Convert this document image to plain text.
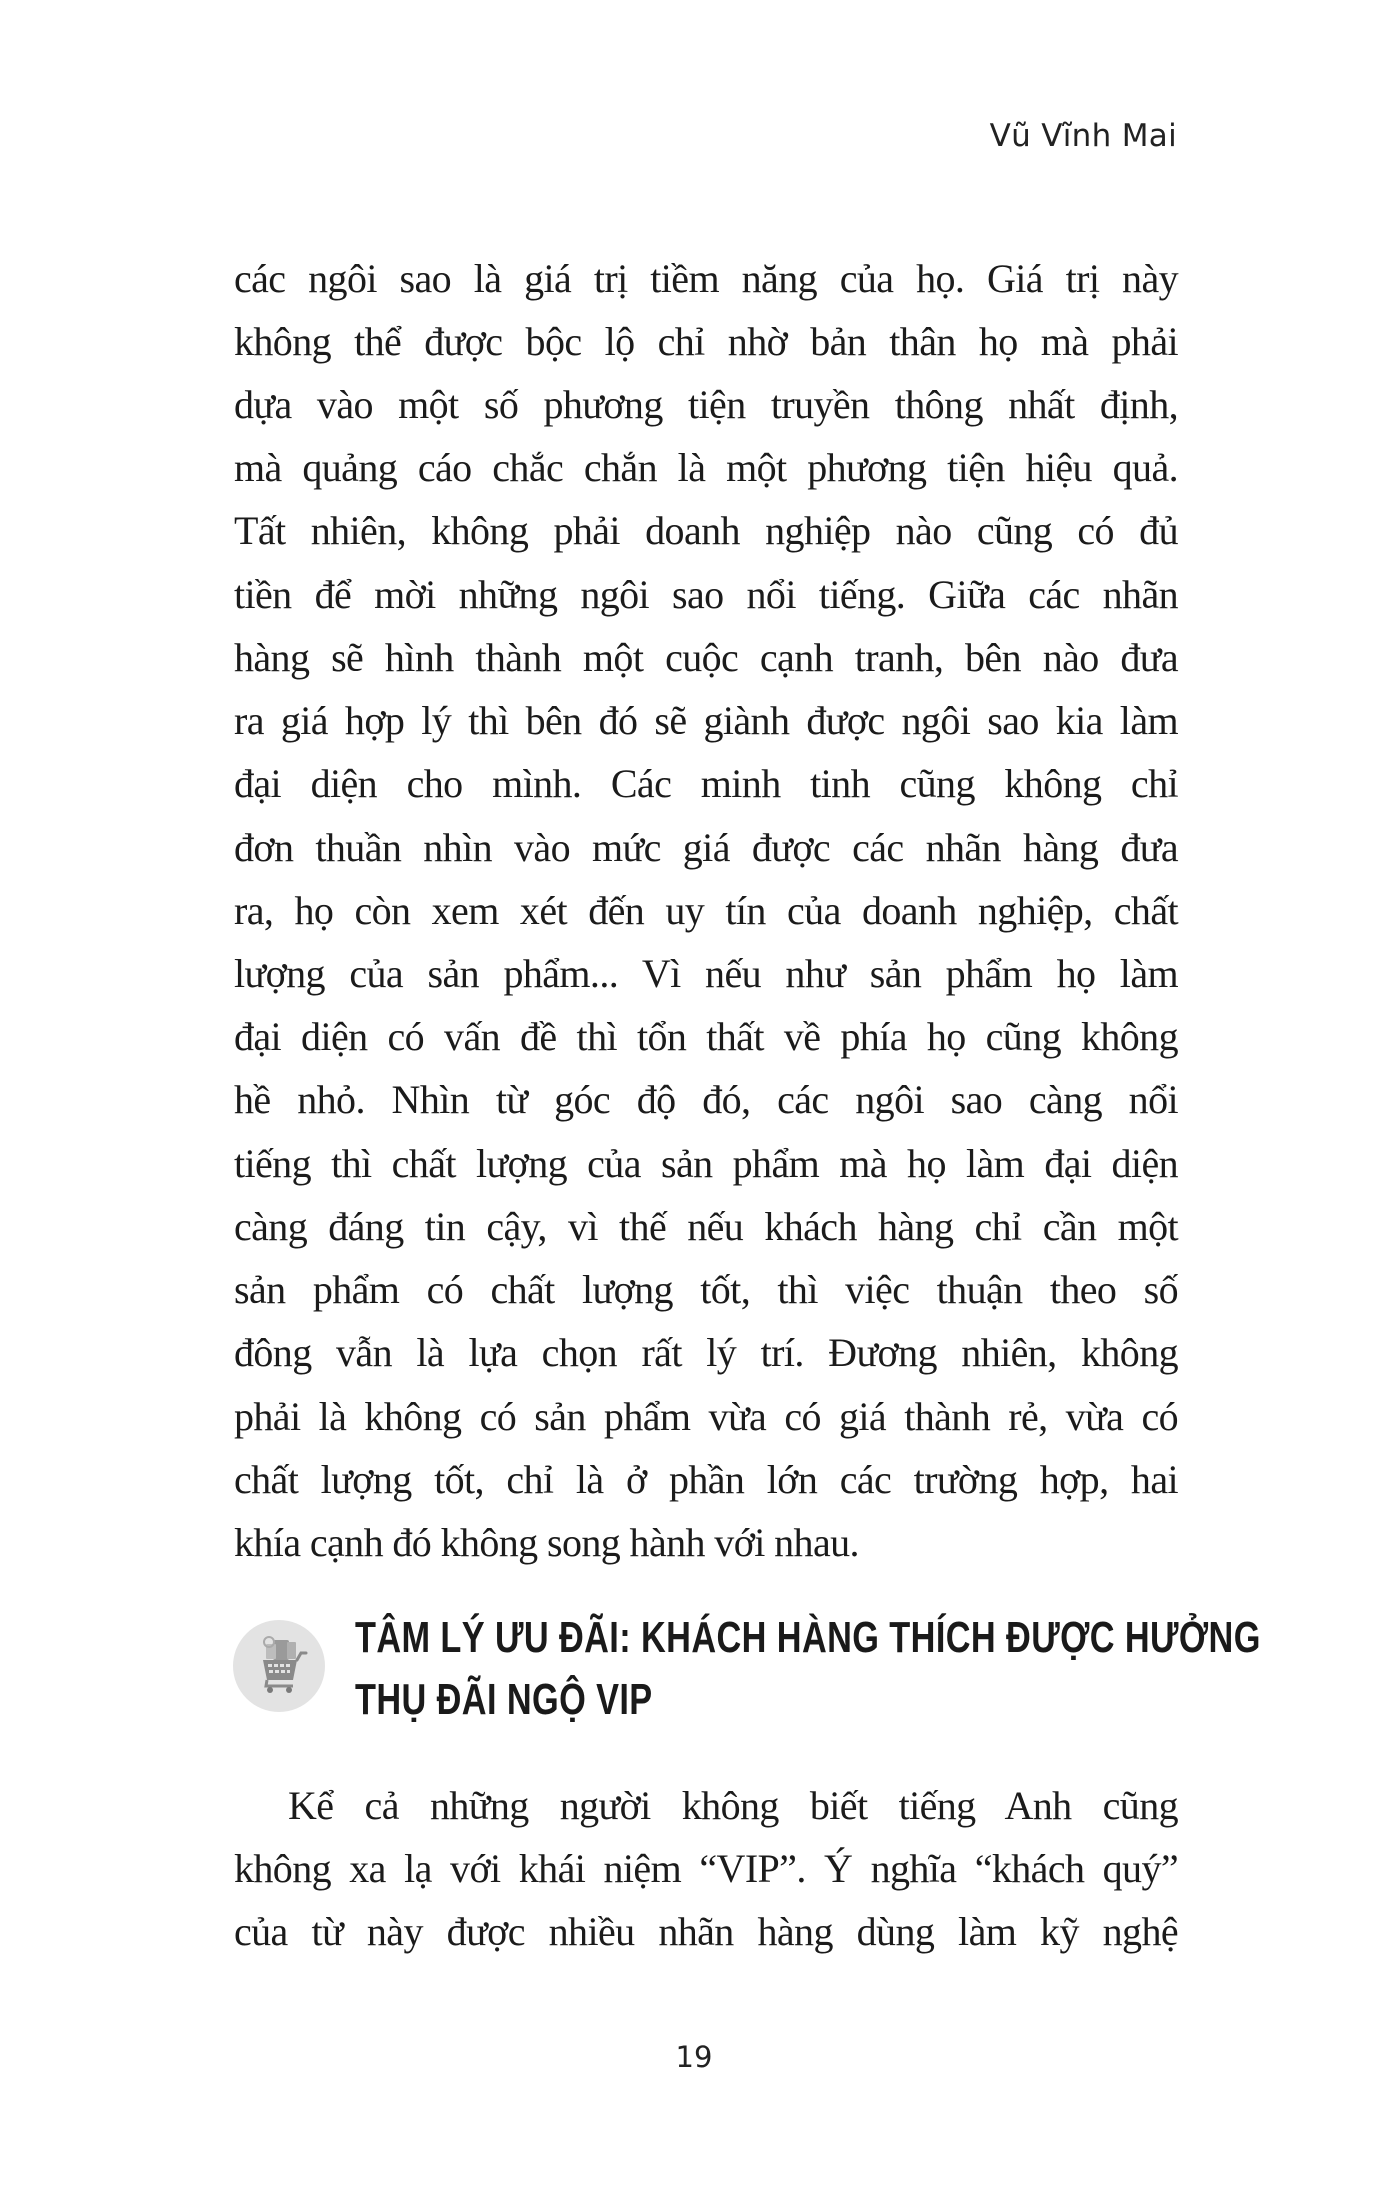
Vũ Vĩnh Mai
các ngôi sao là giá trị tiềm năng của họ. Giá trị này
không thể được bộc lộ chỉ nhờ bản thân họ mà phải
dựa vào một số phương tiện truyền thông nhất định,
mà quảng cáo chắc chắn là một phương tiện hiệu quả.
Tất nhiên, không phải doanh nghiệp nào cũng có đủ
tiền để mời những ngôi sao nổi tiếng. Giữa các nhãn
hàng sẽ hình thành một cuộc cạnh tranh, bên nào đưa
ra giá hợp lý thì bên đó sẽ giành được ngôi sao kia làm
đại diện cho mình. Các minh tinh cũng không chỉ
đơn thuần nhìn vào mức giá được các nhãn hàng đưa
ra, họ còn xem xét đến uy tín của doanh nghiệp, chất
lượng của sản phẩm... Vì nếu như sản phẩm họ làm
đại diện có vấn đề thì tổn thất về phía họ cũng không
hề nhỏ. Nhìn từ góc độ đó, các ngôi sao càng nổi
tiếng thì chất lượng của sản phẩm mà họ làm đại diện
càng đáng tin cậy, vì thế nếu khách hàng chỉ cần một
sản phẩm có chất lượng tốt, thì việc thuận theo số
đông vẫn là lựa chọn rất lý trí. Đương nhiên, không
phải là không có sản phẩm vừa có giá thành rẻ, vừa có
chất lượng tốt, chỉ là ở phần lớn các trường hợp, hai
khía cạnh đó không song hành với nhau.
TÂM LÝ ƯU ĐÃI: KHÁCH HÀNG THÍCH ĐƯỢC HƯỞNG
THỤ ĐÃI NGỘ VIP
Kể cả những người không biết tiếng Anh cũng
không xa lạ với khái niệm “VIP”. Ý nghĩa “khách quý”
của từ này được nhiều nhãn hàng dùng làm kỹ nghệ
19
